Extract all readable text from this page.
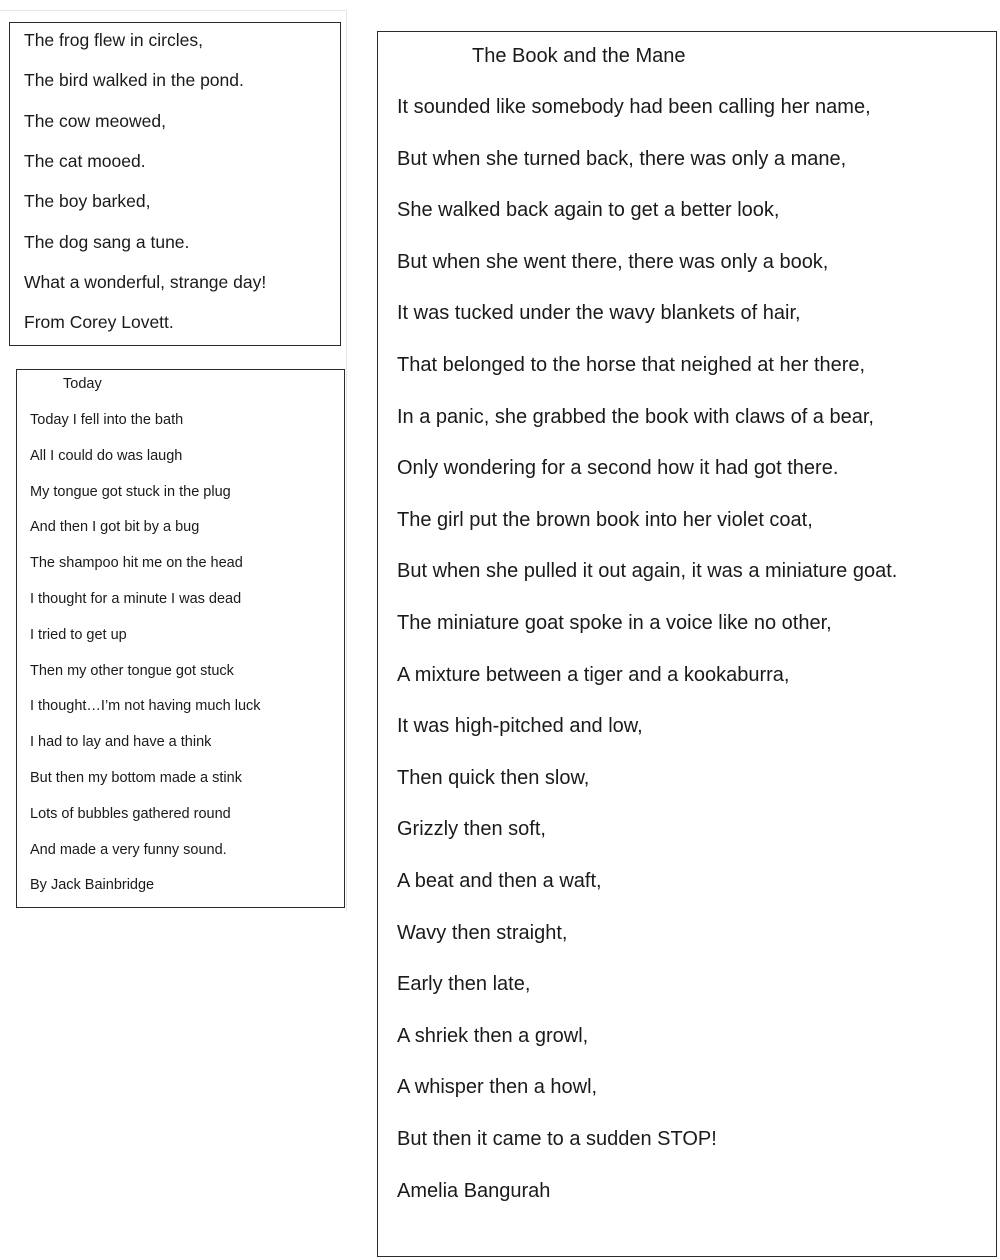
The frog flew in circles,
The bird walked in the pond.
The cow meowed,
The cat mooed.
The boy barked,
The dog sang a tune.
What a wonderful, strange day!
From Corey Lovett.
Today
Today I fell into the bath
All I could do was laugh
My tongue got stuck in the plug
And then I got bit by a bug
The shampoo hit me on the head
I thought for a minute I was dead
I tried to get up
Then my other tongue got stuck
I thought…I’m not having much luck
I had to lay and have a think
But then my bottom made a stink
Lots of bubbles gathered round
And made a very funny sound.
By Jack Bainbridge
The Book and the Mane
It sounded like somebody had been calling her name,
But when she turned back, there was only a mane,
She walked back again to get a better look,
But when she went there, there was only a book,
It was tucked under the wavy blankets of hair,
That belonged to the horse that neighed at her there,
In a panic, she grabbed the book with claws of a bear,
Only wondering for a second how it had got there.
The girl put the brown book into her violet coat,
But when she pulled it out again, it was a miniature goat.
The miniature goat spoke in a voice like no other,
A mixture between a tiger and a kookaburra,
It was high-pitched and low,
Then quick then slow,
Grizzly then soft,
A beat and then a waft,
Wavy then straight,
Early then late,
A shriek then a growl,
A whisper then a howl,
But then it came to a sudden STOP!
Amelia Bangurah
